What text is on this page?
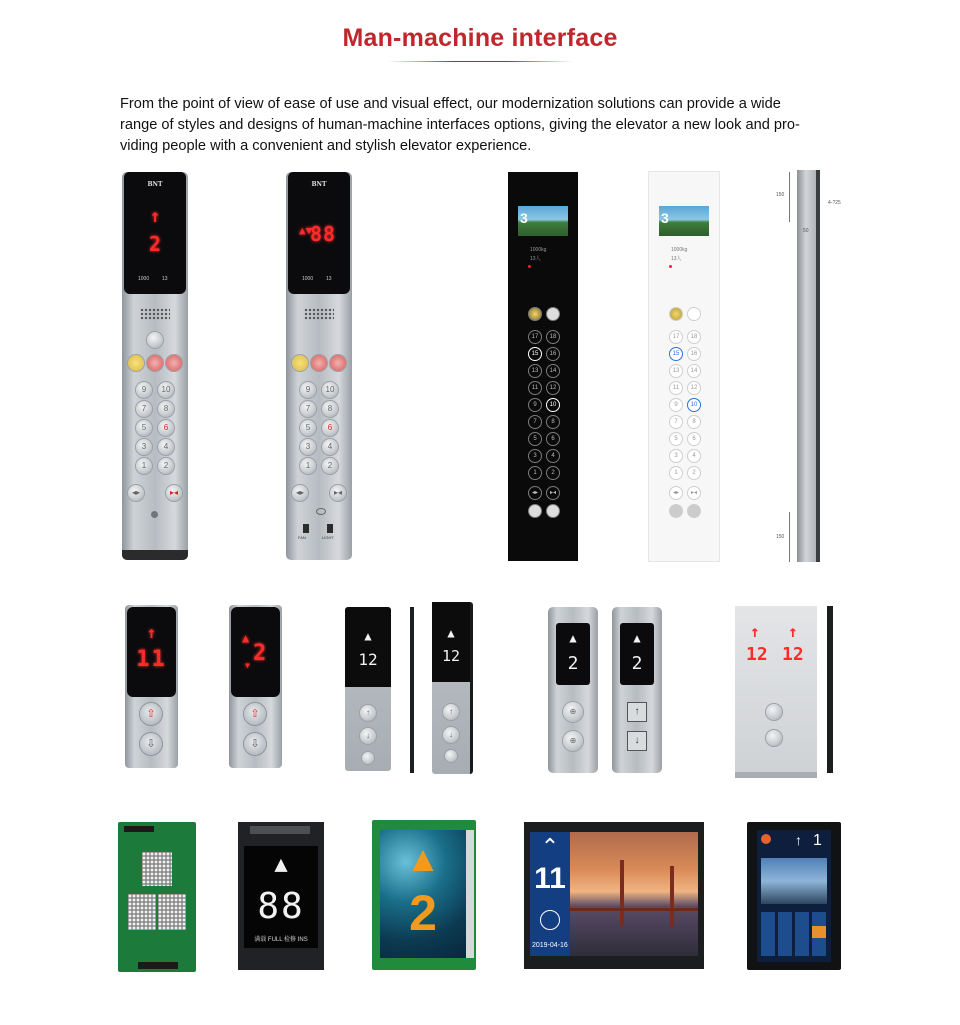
Man-machine interface

From the point of view of ease of use and visual effect, our modernization solutions can provide a wide

range of styles and designs of human-machine interfaces options, giving the elevator a new look and pro-

viding people with a convenient and stylish elevator experience.

BNT
↑
2
1000	13
9	10
7	8
5	6
3	4
1	2
◂▸	▸◂
BNT
▲▼
88
1000	13
9	10
7	8
5	6
3	4
1	2
◂▸	▸◂
FAN	LIGHT
3
1000kg
13人
17	18
15	16
13	14
11	12
9	10
7	8
5	6
3	4
1	2
◂▸	▸◂
3
1000kg
13人
17	18
15	16
13	14
11	12
9	10
7	8
5	6
3	4
1	2
◂▸	▸◂
150
150
4-?25
50
↑
11
⇧
⇩
▲
2
▼
⇧
⇩
▲
12
↑
↓
▲
12
↑
↓
▲
2
⊕
⊕
▲
2
↑
↓
↑ ↑
12 12
▲
88
满载 FULL 检修 INS
▲
2
⌃
11
2019-04-16
↑ 1
